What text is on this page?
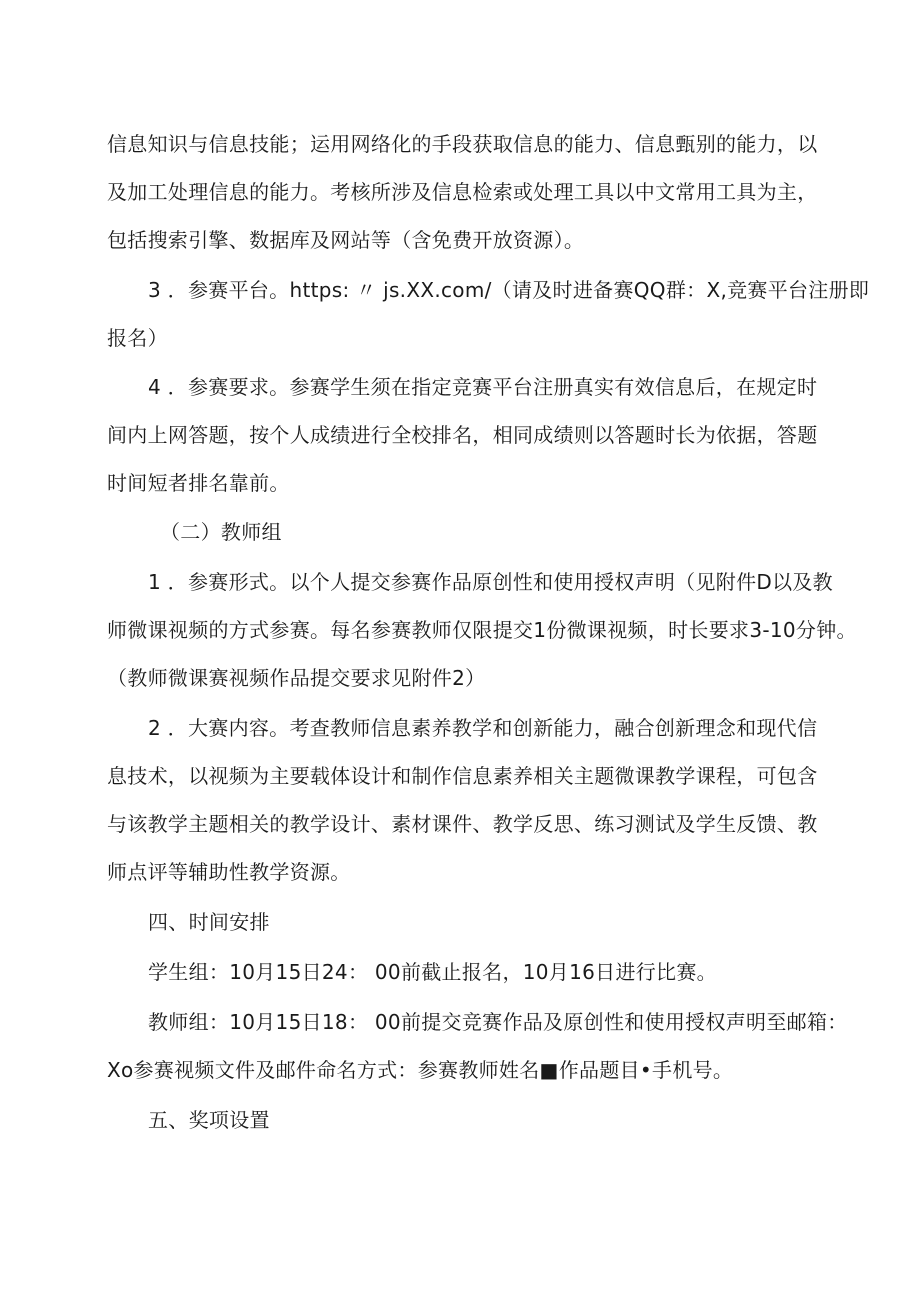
信息知识与信息技能；运用网络化的手段获取信息的能力、信息甄别的能力，以
及加工处理信息的能力。考核所涉及信息检索或处理工具以中文常用工具为主，
包括搜索引擎、数据库及网站等（含免费开放资源）。
3 ．参赛平台。https: 〃 js.XX.com/（请及时进备赛QQ群：X,竞赛平台注册即
报名）
4 ．参赛要求。参赛学生须在指定竞赛平台注册真实有效信息后，在规定时
间内上网答题，按个人成绩进行全校排名，相同成绩则以答题时长为依据，答题
时间短者排名靠前。
（二）教师组
1 ．参赛形式。以个人提交参赛作品原创性和使用授权声明（见附件D以及教
师微课视频的方式参赛。每名参赛教师仅限提交1份微课视频，时长要求3-10分钟。
（教师微课赛视频作品提交要求见附件2）
2 ．大赛内容。考查教师信息素养教学和创新能力，融合创新理念和现代信
息技术，以视频为主要载体设计和制作信息素养相关主题微课教学课程，可包含
与该教学主题相关的教学设计、素材课件、教学反思、练习测试及学生反馈、教
师点评等辅助性教学资源。
四、时间安排
学生组：10月15日24： 00前截止报名，10月16日进行比赛。
教师组：10月15日18： 00前提交竞赛作品及原创性和使用授权声明至邮箱：
Xo参赛视频文件及邮件命名方式：参赛教师姓名■作品题目•手机号。
五、奖项设置
